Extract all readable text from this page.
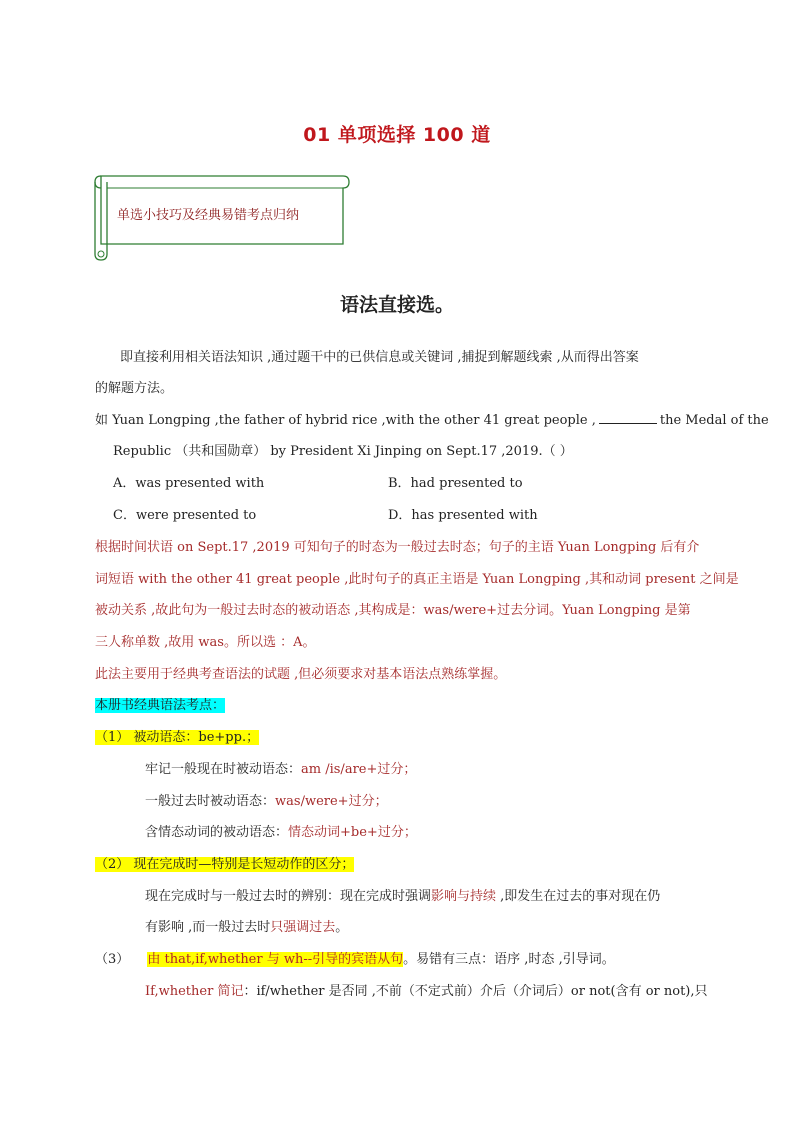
01 单项选择 100 道
单选小技巧及经典易错考点归纳
语法直接选。
即直接利用相关语法知识 ,通过题干中的已供信息或关键词 ,捕捉到解题线索 ,从而得出答案
的解题方法。
如 Yuan Longping ,the father of hybrid rice ,with the other 41 great people ,	the Medal of the
Republic （共和国勋章） by President Xi Jinping on Sept.17 ,2019.（ ）
A．was presented with	B．had presented to
C．were presented to	D．has presented with
根据时间状语 on Sept.17 ,2019 可知句子的时态为一般过去时态；句子的主语 Yuan Longping 后有介
词短语 with the other 41 great people ,此时句子的真正主语是 Yuan Longping ,其和动词 present 之间是
被动关系 ,故此句为一般过去时态的被动语态 ,其构成是：was/were+过去分词。Yuan Longping 是第
三人称单数 ,故用 was。所以选 ：A。
此法主要用于经典考查语法的试题 ,但必须要求对基本语法点熟练掌握。
本册书经典语法考点：
（1） 被动语态：be+pp.；
牢记一般现在时被动语态：am /is/are+过分；
一般过去时被动语态：was/were+过分；
含情态动词的被动语态：情态动词+be+过分；
（2） 现在完成时—特别是长短动作的区分；
现在完成时与一般过去时的辨别：现在完成时强调影响与持续 ,即发生在过去的事对现在仍
有影响 ,而一般过去时只强调过去。
（3） 由 that,if,whether 与 wh--引导的宾语从句。易错有三点：语序 ,时态 ,引导词。
If,whether 简记：if/whether 是否同 ,不前（不定式前）介后（介词后）or not(含有 or not),只
